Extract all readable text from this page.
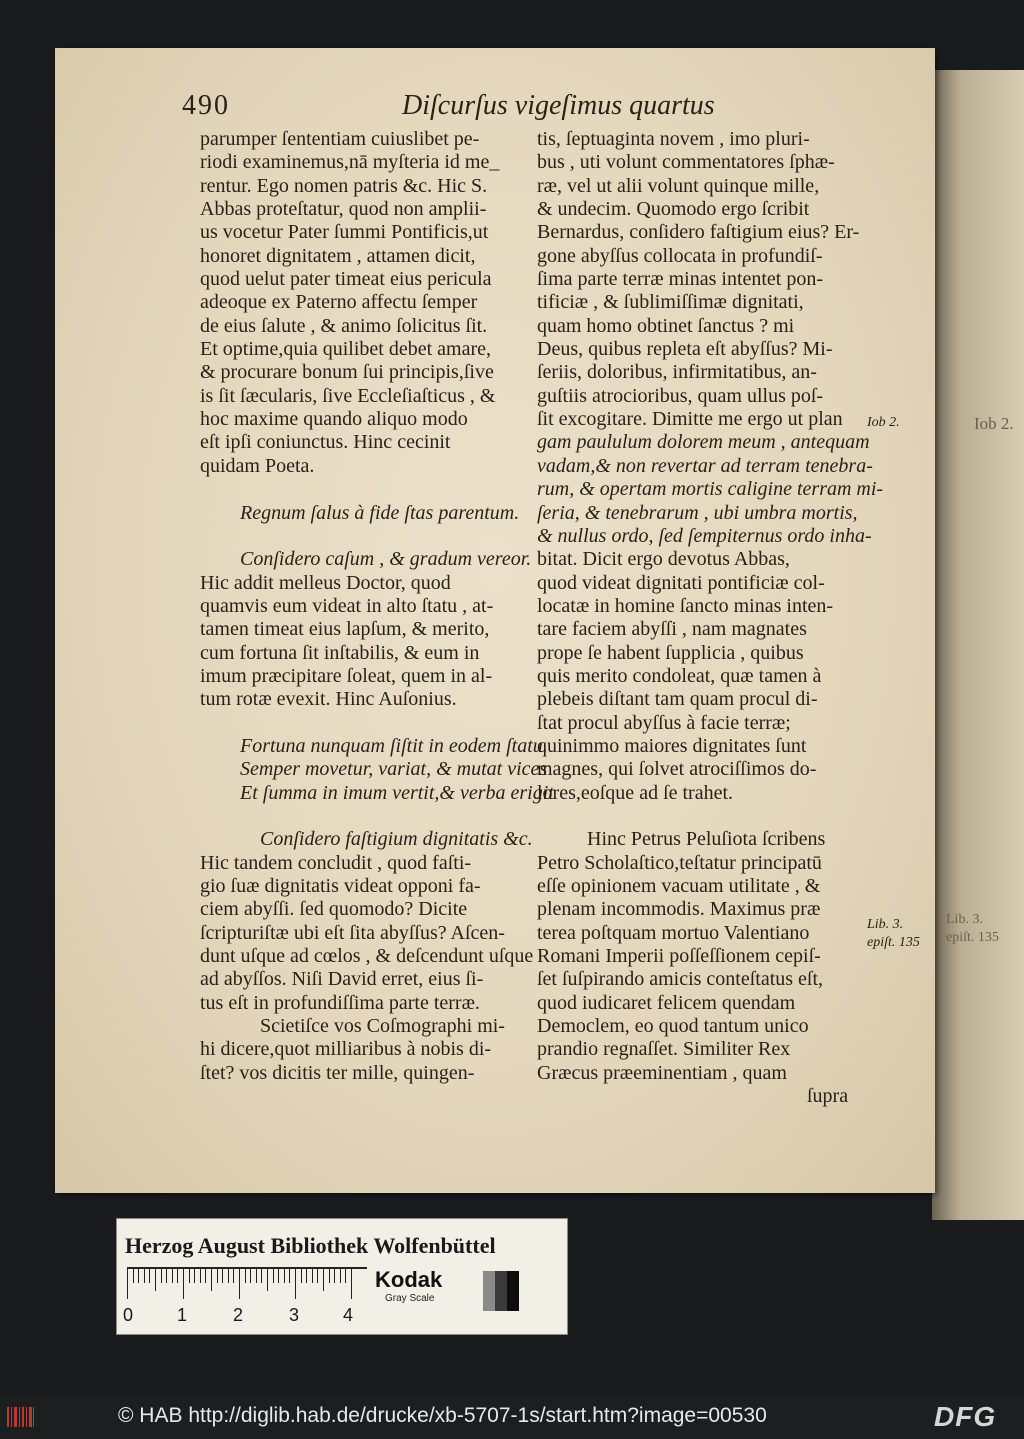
Iob 2.
Lib. 3.
epiſt. 135
490	Diſcurſus vigeſimus quartus
parumper ſententiam cuiuslibet pe-
riodi examinemus,nā myſteria id me_
rentur. Ego nomen patris &c. Hic S.
Abbas proteſtatur, quod non amplii-
us vocetur Pater ſummi Pontificis,ut
honoret dignitatem , attamen dicit,
quod uelut pater timeat eius pericula
adeoque ex Paterno affectu ſemper
de eius ſalute , & animo ſolicitus ſit.
Et optime,quia quilibet debet amare,
& procurare bonum ſui principis,ſive
is ſit ſæcularis, ſive Eccleſiaſticus , &
hoc maxime quando aliquo modo
eſt ipſi coniunctus. Hinc cecinit
quidam Poeta.
Regnum ſalus à fide ſtas parentum.
Conſidero caſum , & gradum vereor.
Hic addit melleus Doctor, quod
quamvis eum videat in alto ſtatu , at-
tamen timeat eius lapſum, & merito,
cum fortuna ſit inſtabilis, & eum in
imum præcipitare ſoleat, quem in al-
tum rotæ evexit. Hinc Auſonius.
Fortuna nunquam ſiſtit in eodem ſtatu.
Semper movetur, variat, & mutat vices
Et ſumma in imum vertit,& verba erigit
Conſidero faſtigium dignitatis &c.
Hic tandem concludit , quod faſti-
gio ſuæ dignitatis videat opponi fa-
ciem abyſſi. ſed quomodo? Dicite
ſcripturiſtæ ubi eſt ſita abyſſus? Aſcen-
dunt uſque ad cœlos , & deſcendunt uſque
ad abyſſos. Niſi David erret, eius ſi-
tus eſt in profundiſſima parte terræ.
Scietiſce vos Coſmographi mi-
hi dicere,quot milliaribus à nobis di-
ſtet? vos dicitis ter mille, quingen-
tis, ſeptuaginta novem , imo pluri-
bus , uti volunt commentatores ſphæ-
ræ, vel ut alii volunt quinque mille,
& undecim. Quomodo ergo ſcribit
Bernardus, conſidero faſtigium eius? Er-
gone abyſſus collocata in profundiſ-
ſima parte terræ minas intentet pon-
tificiæ , & ſublimiſſimæ dignitati,
quam homo obtinet ſanctus ? mi
Deus, quibus repleta eſt abyſſus? Mi-
ſeriis, doloribus, infirmitatibus, an-
guſtiis atrocioribus, quam ullus poſ-
ſit excogitare. Dimitte me ergo ut plan
gam paululum dolorem meum , antequam
vadam,& non revertar ad terram tenebra-
rum, & opertam mortis caligine terram mi-
ſeria, & tenebrarum , ubi umbra mortis,
& nullus ordo, ſed ſempiternus ordo inha-
bitat. Dicit ergo devotus Abbas,
quod videat dignitati pontificiæ col-
locatæ in homine ſancto minas inten-
tare faciem abyſſi , nam magnates
prope ſe habent ſupplicia , quibus
quis merito condoleat, quæ tamen à
plebeis diſtant tam quam procul di-
ſtat procul abyſſus à facie terræ;
quinimmo maiores dignitates ſunt
magnes, qui ſolvet atrociſſimos do-
lores,eoſque ad ſe trahet.
Hinc Petrus Peluſiota ſcribens
Petro Scholaſtico,teſtatur principatū
eſſe opinionem vacuam utilitate , &
plenam incommodis. Maximus præ
terea poſtquam mortuo Valentiano
Romani Imperii poſſeſſionem cepiſ-
ſet ſuſpirando amicis conteſtatus eſt,
quod iudicaret felicem quendam
Democlem, eo quod tantum unico
prandio regnaſſet. Similiter Rex
Græcus præeminentiam , quam
ſupra
Iob 2.
Lib. 3.
epiſt. 135
Herzog August Bibliothek Wolfenbüttel
0 1	2	3 4
Kodak
Gray Scale
© HAB http://diglib.hab.de/drucke/xb-5707-1s/start.htm?image=00530	DFG
